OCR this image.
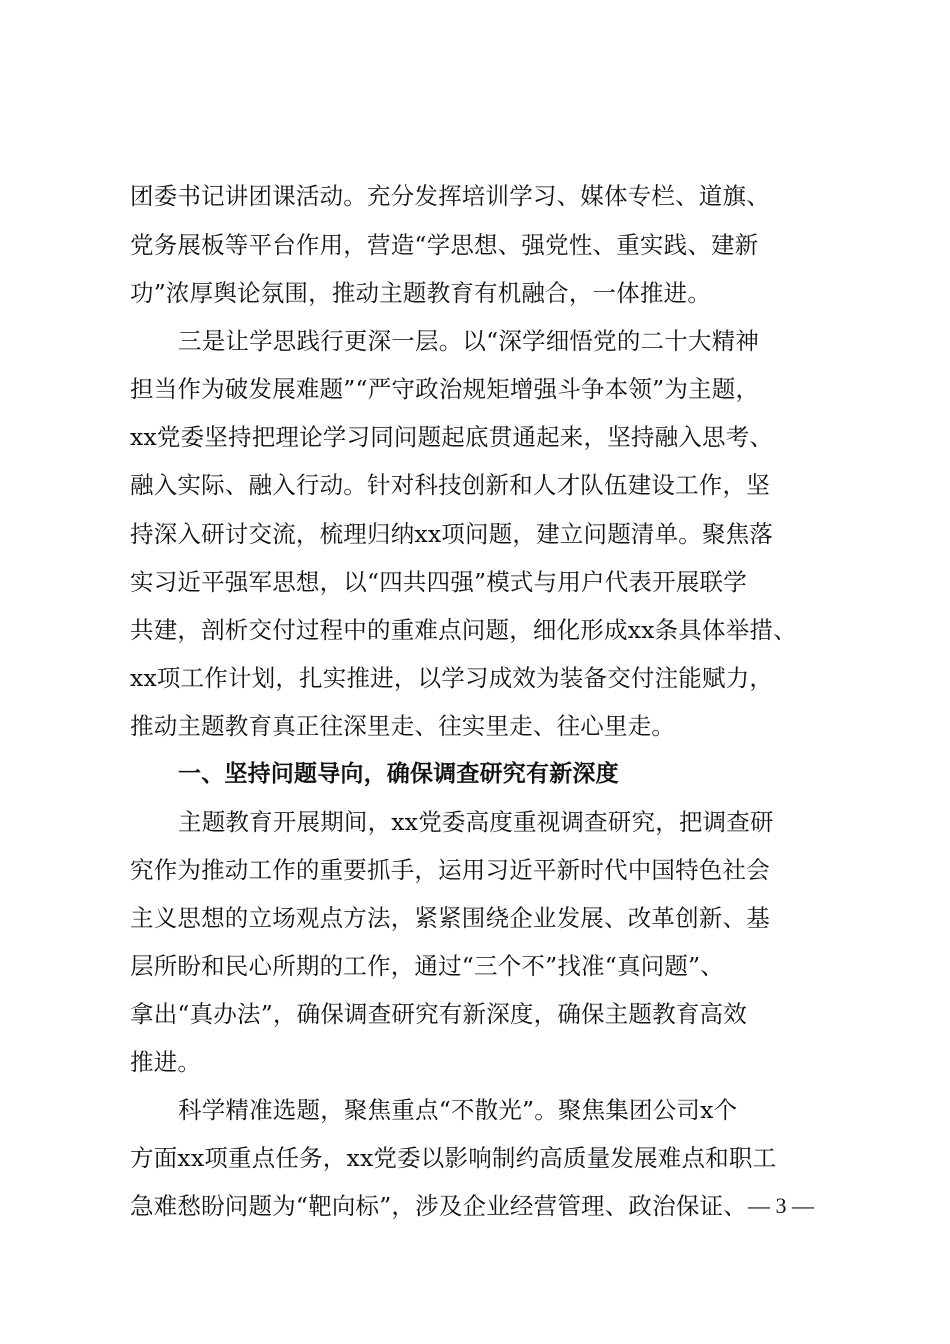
团委书记讲团课活动。充分发挥培训学习、媒体专栏、道旗、

党务展板等平台作用，营造“学思想、强党性、重实践、建新

功”浓厚舆论氛围，推动主题教育有机融合，一体推进。

三是让学思践行更深一层。以“深学细悟党的二十大精神

担当作为破发展难题”“严守政治规矩增强斗争本领”为主题，

xx党委坚持把理论学习同问题起底贯通起来，坚持融入思考、

融入实际、融入行动。针对科技创新和人才队伍建设工作，坚

持深入研讨交流，梳理归纳xx项问题，建立问题清单。聚焦落

实习近平强军思想，以“四共四强”模式与用户代表开展联学

共建，剖析交付过程中的重难点问题，细化形成xx条具体举措、

xx项工作计划，扎实推进，以学习成效为装备交付注能赋力，

推动主题教育真正往深里走、往实里走、往心里走。

一、坚持问题导向，确保调查研究有新深度

主题教育开展期间，xx党委高度重视调查研究，把调查研

究作为推动工作的重要抓手，运用习近平新时代中国特色社会

主义思想的立场观点方法，紧紧围绕企业发展、改革创新、基

层所盼和民心所期的工作，通过“三个不”找准“真问题”、

拿出“真办法”，确保调查研究有新深度，确保主题教育高效

推进。

科学精准选题，聚焦重点“不散光”。聚焦集团公司x个

方面xx项重点任务，xx党委以影响制约高质量发展难点和职工

急难愁盼问题为“靶向标”，涉及企业经营管理、政治保证、 — 3 —
